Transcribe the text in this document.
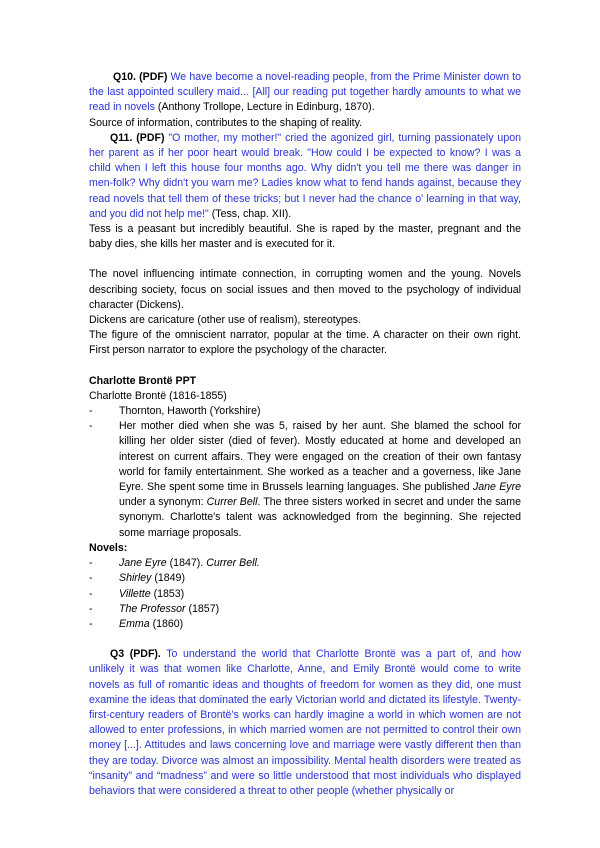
Q10. (PDF) We have become a novel-reading people, from the Prime Minister down to the last appointed scullery maid... [All] our reading put together hardly amounts to what we read in novels (Anthony Trollope, Lecture in Edinburg, 1870).

Source of information, contributes to the shaping of reality.

Q11. (PDF) "O mother, my mother!" cried the agonized girl, turning passionately upon her parent as if her poor heart would break. "How could I be expected to know? I was a child when I left this house four months ago. Why didn't you tell me there was danger in men-folk? Why didn't you warn me? Ladies know what to fend hands against, because they read novels that tell them of these tricks; but I never had the chance o' learning in that way, and you did not help me!" (Tess, chap. XII).

Tess is a peasant but incredibly beautiful. She is raped by the master, pregnant and the baby dies, she kills her master and is executed for it.

The novel influencing intimate connection, in corrupting women and the young. Novels describing society, focus on social issues and then moved to the psychology of individual character (Dickens).

Dickens are caricature (other use of realism), stereotypes.

The figure of the omniscient narrator, popular at the time. A character on their own right. First person narrator to explore the psychology of the character.

Charlotte Brontë PPT

Charlotte Brontë (1816-1855)

- Thornton, Haworth (Yorkshire)
- Her mother died when she was 5, raised by her aunt. She blamed the school for killing her older sister (died of fever). Mostly educated at home and developed an interest on current affairs. They were engaged on the creation of their own fantasy world for family entertainment. She worked as a teacher and a governess, like Jane Eyre. She spent some time in Brussels learning languages. She published Jane Eyre under a synonym: Currer Bell. The three sisters worked in secret and under the same synonym. Charlotte's talent was acknowledged from the beginning. She rejected some marriage proposals.

Novels:

- Jane Eyre (1847). Currer Bell.
- Shirley (1849)
- Villette (1853)
- The Professor (1857)
- Emma (1860)

Q3 (PDF). To understand the world that Charlotte Brontë was a part of, and how unlikely it was that women like Charlotte, Anne, and Emily Brontë would come to write novels as full of romantic ideas and thoughts of freedom for women as they did, one must examine the ideas that dominated the early Victorian world and dictated its lifestyle. Twenty-first-century readers of Brontë's works can hardly imagine a world in which women are not allowed to enter professions, in which married women are not permitted to control their own money [...]. Attitudes and laws concerning love and marriage were vastly different then than they are today. Divorce was almost an impossibility. Mental health disorders were treated as “insanity” and “madness” and were so little understood that most individuals who displayed behaviors that were considered a threat to other people (whether physically or
